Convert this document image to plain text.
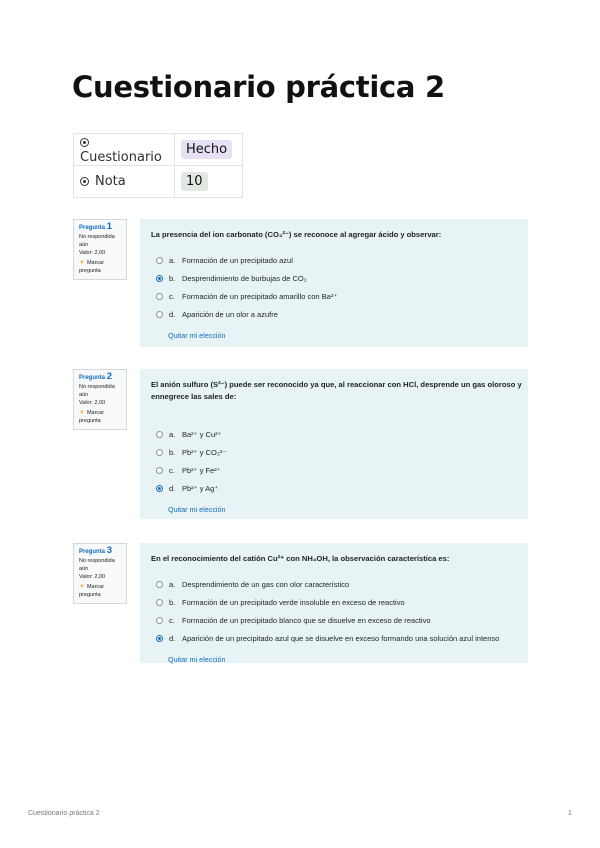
Cuestionario práctica 2
Cuestionario	Hecho
Nota	10
Pregunta 1
No respondida aún
Valor: 2,00
▼ Marcar pregunta
La presencia del ion carbonato (CO₃²⁻) se reconoce al agregar ácido y observar:
a. Formación de un precipitado azul
b. Desprendimiento de burbujas de CO₂
c. Formación de un precipitado amarillo con Ba²⁺
d. Aparición de un olor a azufre
Quitar mi elección
Pregunta 2
No respondida aún
Valor: 2,00
▼ Marcar pregunta
El anión sulfuro (S²⁻) puede ser reconocido ya que, al reaccionar con HCl, desprende un gas oloroso y ennegrece las sales de:
a. Ba²⁺ y Cu²⁺
b. Pb²⁺ y CO₃²⁻
c. Pb²⁺ y Fe²⁺
d. Pb²⁺ y Ag⁺
Quitar mi elección
Pregunta 3
No respondida aún
Valor: 2,00
▼ Marcar pregunta
En el reconocimiento del catión Cu²⁺ con NH₄OH, la observación característica es:
a. Desprendimiento de un gas con olor característico
b. Formación de un precipitado verde insoluble en exceso de reactivo
c. Formación de un precipitado blanco que se disuelve en exceso de reactivo
d. Aparición de un precipitado azul que se disuelve en exceso formando una solución azul intenso
Quitar mi elección
Cuestionario práctica 2	1
